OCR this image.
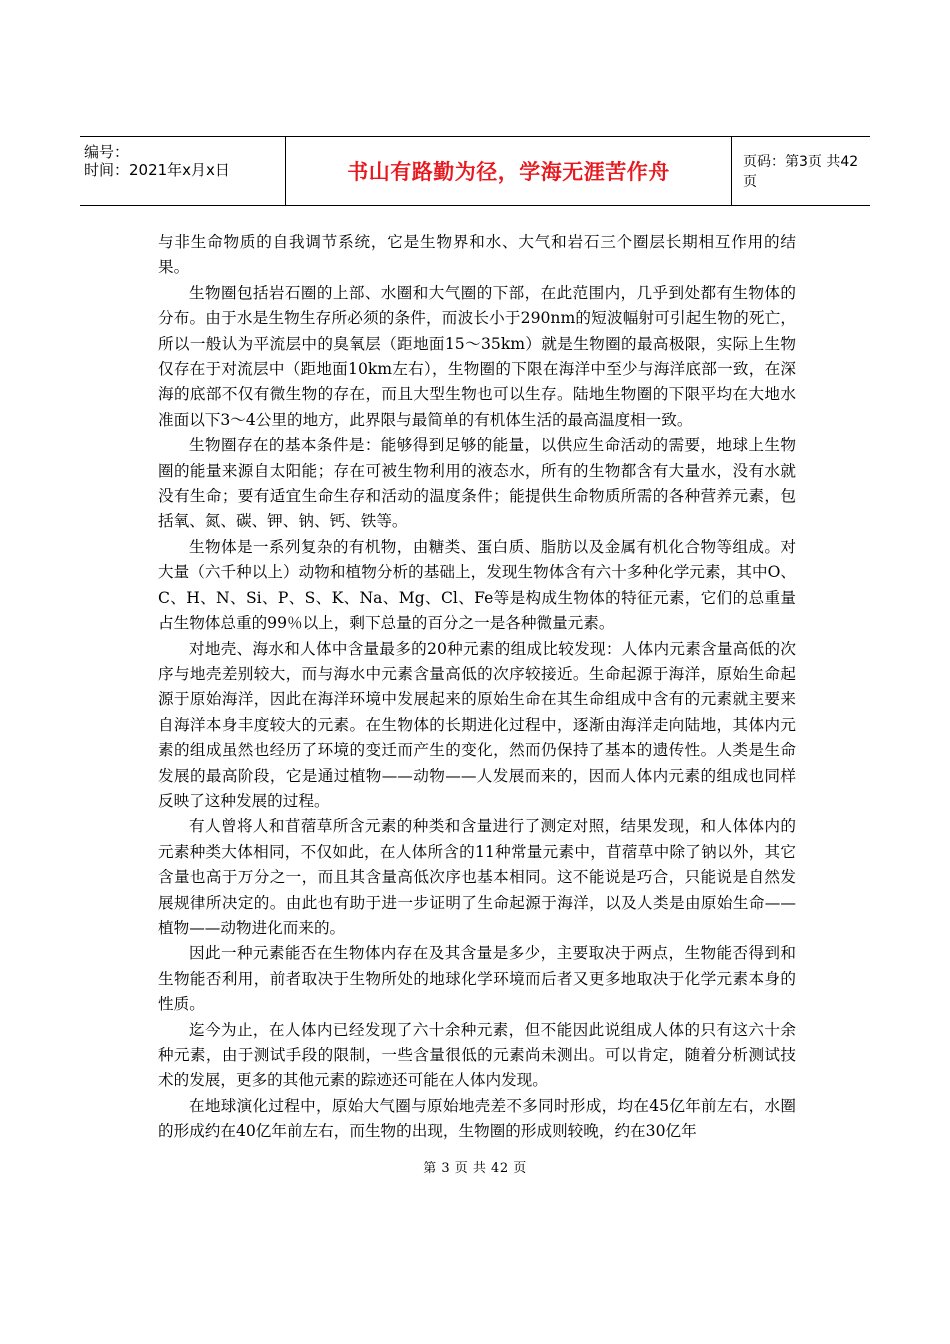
编号：
时间：2021年x月x日	书山有路勤为径，学海无涯苦作舟	页码：第3页 共42页

与非生命物质的自我调节系统，它是生物界和水、大气和岩石三个圈层长期相互作用的结果。

生物圈包括岩石圈的上部、水圈和大气圈的下部，在此范围内，几乎到处都有生物体的分布。由于水是生物生存所必须的条件，而波长小于290nm的短波幅射可引起生物的死亡，所以一般认为平流层中的臭氧层（距地面15～35km）就是生物圈的最高极限，实际上生物仅存在于对流层中（距地面10km左右），生物圈的下限在海洋中至少与海洋底部一致，在深海的底部不仅有微生物的存在，而且大型生物也可以生存。陆地生物圈的下限平均在大地水准面以下3～4公里的地方，此界限与最简单的有机体生活的最高温度相一致。

生物圈存在的基本条件是：能够得到足够的能量，以供应生命活动的需要，地球上生物圈的能量来源自太阳能；存在可被生物利用的液态水，所有的生物都含有大量水，没有水就没有生命；要有适宜生命生存和活动的温度条件；能提供生命物质所需的各种营养元素，包括氧、氮、碳、钾、钠、钙、铁等。

生物体是一系列复杂的有机物，由糖类、蛋白质、脂肪以及金属有机化合物等组成。对大量（六千种以上）动物和植物分析的基础上，发现生物体含有六十多种化学元素，其中O、C、H、N、Si、P、S、K、Na、Mg、Cl、Fe等是构成生物体的特征元素，它们的总重量占生物体总重的99％以上，剩下总量的百分之一是各种微量元素。

对地壳、海水和人体中含量最多的20种元素的组成比较发现：人体内元素含量高低的次序与地壳差别较大，而与海水中元素含量高低的次序较接近。生命起源于海洋，原始生命起源于原始海洋，因此在海洋环境中发展起来的原始生命在其生命组成中含有的元素就主要来自海洋本身丰度较大的元素。在生物体的长期进化过程中，逐渐由海洋走向陆地，其体内元素的组成虽然也经历了环境的变迁而产生的变化，然而仍保持了基本的遗传性。人类是生命发展的最高阶段，它是通过植物——动物——人发展而来的，因而人体内元素的组成也同样反映了这种发展的过程。

有人曾将人和苜蓿草所含元素的种类和含量进行了测定对照，结果发现，和人体体内的元素种类大体相同，不仅如此，在人体所含的11种常量元素中，苜蓿草中除了钠以外，其它含量也高于万分之一，而且其含量高低次序也基本相同。这不能说是巧合，只能说是自然发展规律所决定的。由此也有助于进一步证明了生命起源于海洋，以及人类是由原始生命——植物——动物进化而来的。

因此一种元素能否在生物体内存在及其含量是多少，主要取决于两点，生物能否得到和生物能否利用，前者取决于生物所处的地球化学环境而后者又更多地取决于化学元素本身的性质。

迄今为止，在人体内已经发现了六十余种元素，但不能因此说组成人体的只有这六十余种元素，由于测试手段的限制，一些含量很低的元素尚未测出。可以肯定，随着分析测试技术的发展，更多的其他元素的踪迹还可能在人体内发现。

在地球演化过程中，原始大气圈与原始地壳差不多同时形成，均在45亿年前左右，水圈的形成约在40亿年前左右，而生物的出现，生物圈的形成则较晚，约在30亿年

第 3 页 共 42 页
